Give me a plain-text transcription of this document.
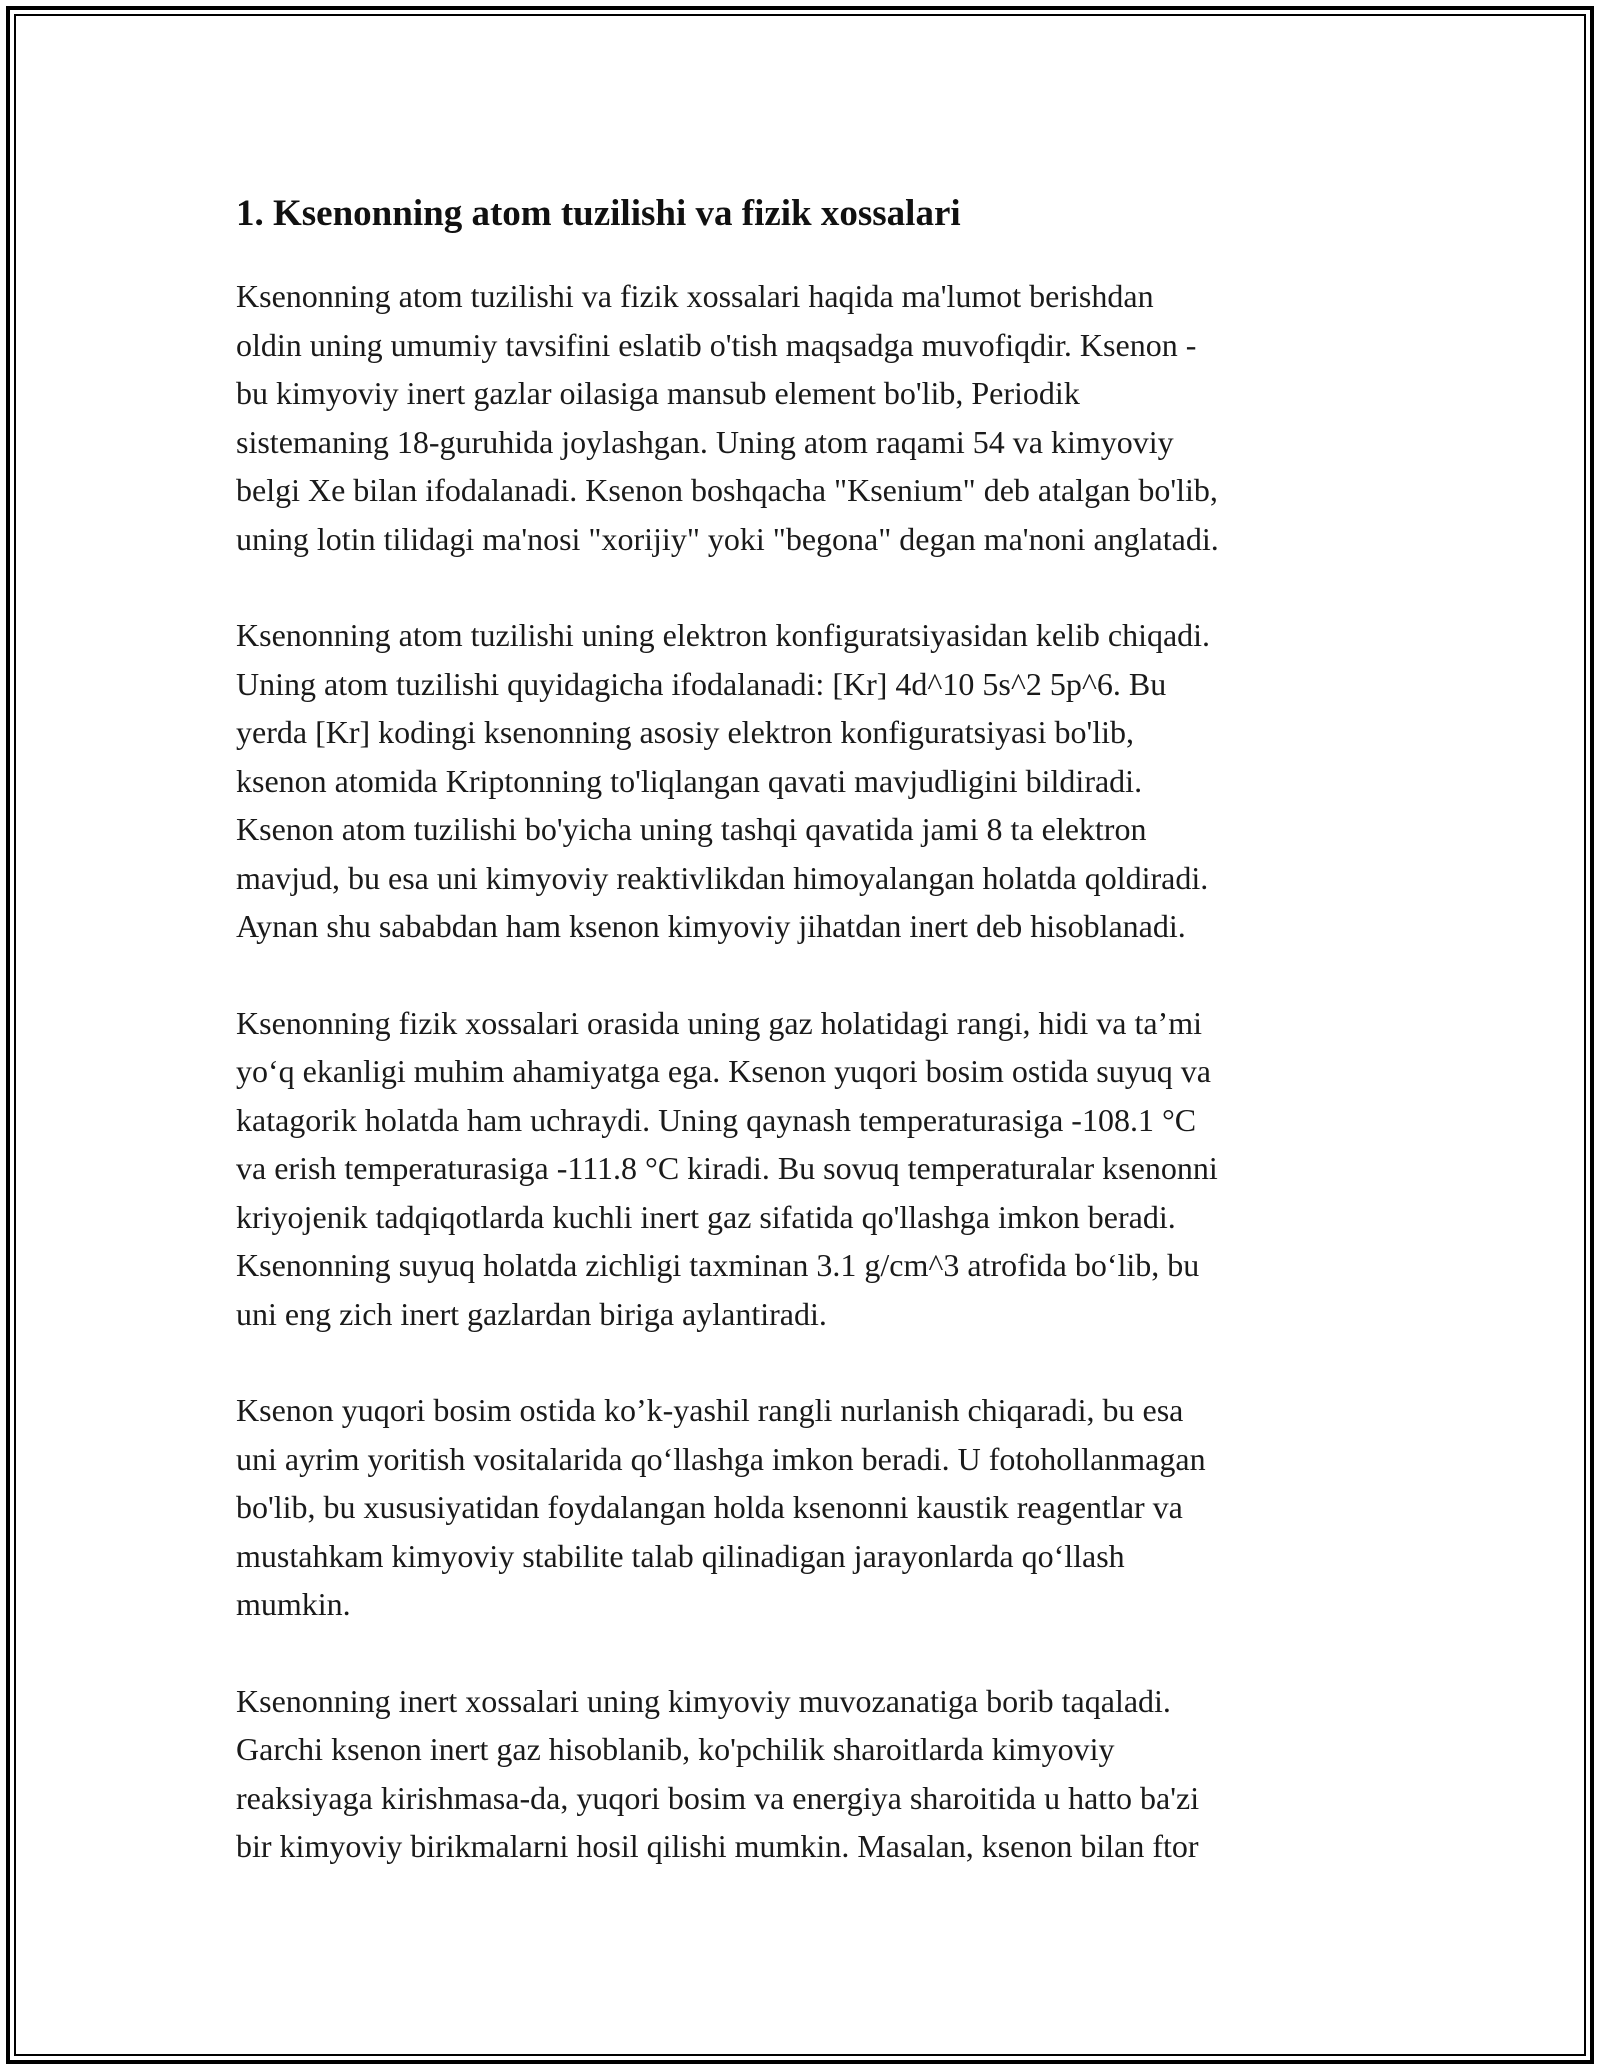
1. Ksenonning atom tuzilishi va fizik xossalari

Ksenonning atom tuzilishi va fizik xossalari haqida ma'lumot berishdan
oldin uning umumiy tavsifini eslatib o'tish maqsadga muvofiqdir. Ksenon -
bu kimyoviy inert gazlar oilasiga mansub element bo'lib, Periodik
sistemaning 18-guruhida joylashgan. Uning atom raqami 54 va kimyoviy
belgi Xe bilan ifodalanadi. Ksenon boshqacha "Ksenium" deb atalgan bo'lib,
uning lotin tilidagi ma'nosi "xorijiy" yoki "begona" degan ma'noni anglatadi.

Ksenonning atom tuzilishi uning elektron konfiguratsiyasidan kelib chiqadi.
Uning atom tuzilishi quyidagicha ifodalanadi: [Kr] 4d^10 5s^2 5p^6. Bu
yerda [Kr] kodingi ksenonning asosiy elektron konfiguratsiyasi bo'lib,
ksenon atomida Kriptonning to'liqlangan qavati mavjudligini bildiradi.
Ksenon atom tuzilishi bo'yicha uning tashqi qavatida jami 8 ta elektron
mavjud, bu esa uni kimyoviy reaktivlikdan himoyalangan holatda qoldiradi.
Aynan shu sababdan ham ksenon kimyoviy jihatdan inert deb hisoblanadi.

Ksenonning fizik xossalari orasida uning gaz holatidagi rangi, hidi va ta’mi
yo‘q ekanligi muhim ahamiyatga ega. Ksenon yuqori bosim ostida suyuq va
katagorik holatda ham uchraydi. Uning qaynash temperaturasiga -108.1 °C
va erish temperaturasiga -111.8 °C kiradi. Bu sovuq temperaturalar ksenonni
kriyojenik tadqiqotlarda kuchli inert gaz sifatida qo'llashga imkon beradi.
Ksenonning suyuq holatda zichligi taxminan 3.1 g/cm^3 atrofida bo‘lib, bu
uni eng zich inert gazlardan biriga aylantiradi.

Ksenon yuqori bosim ostida ko’k-yashil rangli nurlanish chiqaradi, bu esa
uni ayrim yoritish vositalarida qo‘llashga imkon beradi. U fotohollanmagan
bo'lib, bu xususiyatidan foydalangan holda ksenonni kaustik reagentlar va
mustahkam kimyoviy stabilite talab qilinadigan jarayonlarda qo‘llash
mumkin.

Ksenonning inert xossalari uning kimyoviy muvozanatiga borib taqaladi.
Garchi ksenon inert gaz hisoblanib, ko'pchilik sharoitlarda kimyoviy
reaksiyaga kirishmasa-da, yuqori bosim va energiya sharoitida u hatto ba'zi
bir kimyoviy birikmalarni hosil qilishi mumkin. Masalan, ksenon bilan ftor
